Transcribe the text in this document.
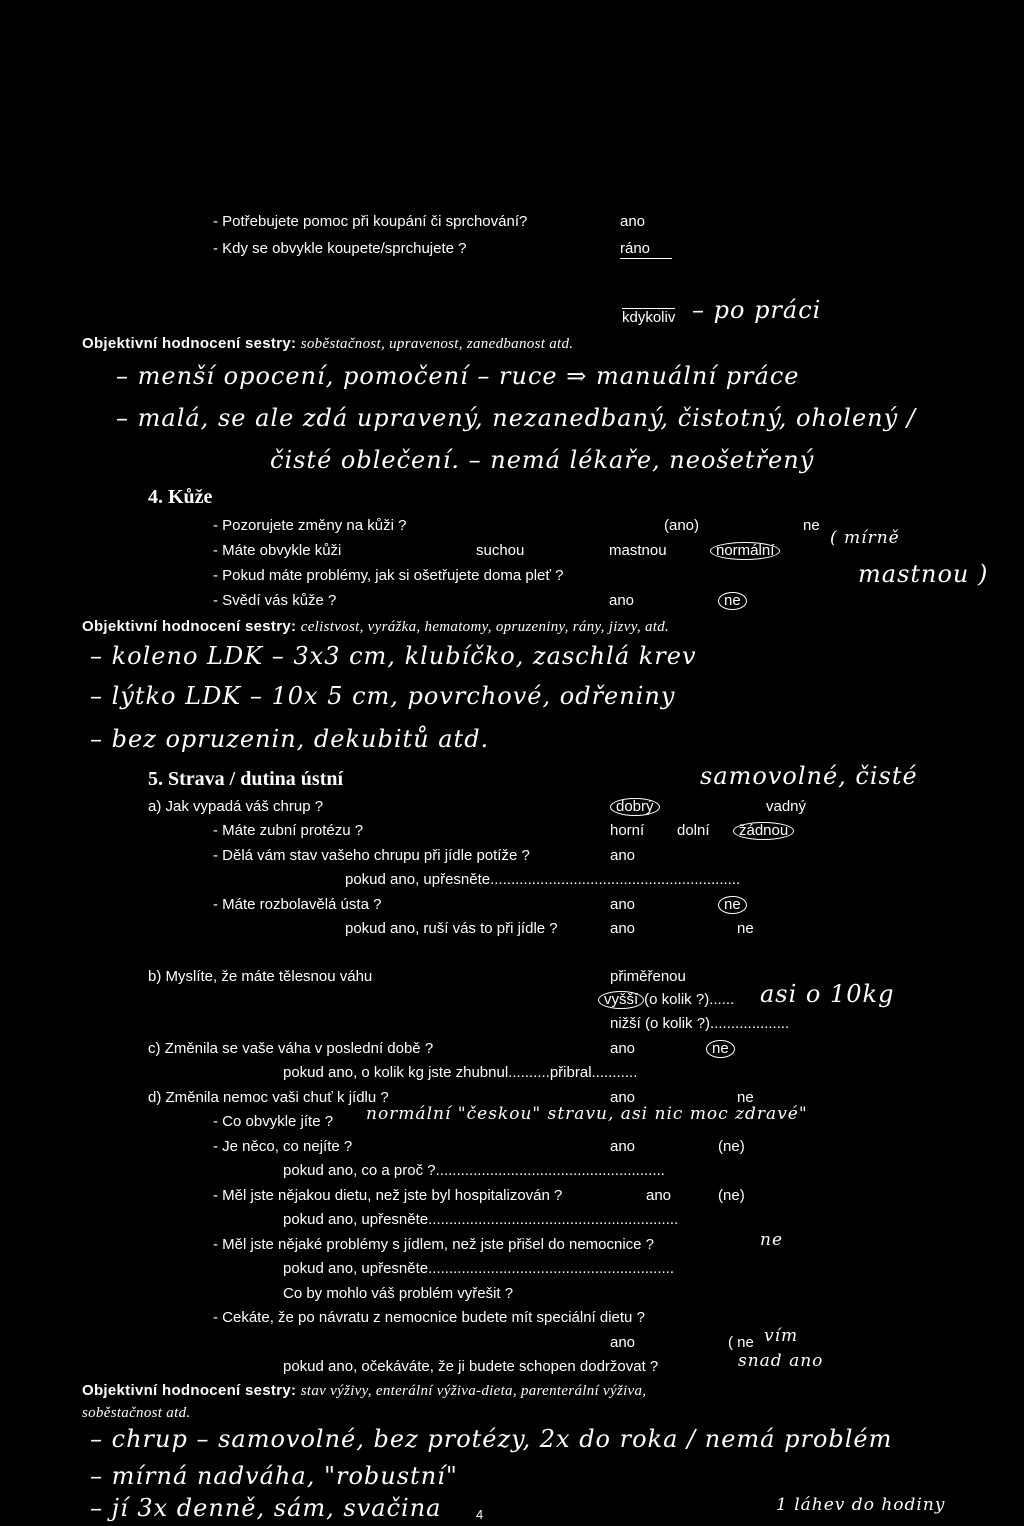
- Potřebujete pomoc při koupání či sprchování?	ano
- Kdy se obvykle koupete/sprchujete ?	ráno
kdykoliv – po práci
Objektivní hodnocení sestry: soběstačnost, upravenost, zanedbanost atd.
– menší opocení, pomočení – ruce ⇒ manuální práce
– malá, se ale zdá upravený, nezanedbaný, čistotný, oholený /
čisté oblečení. – nemá lékaře, neošetřený
4. Kůže
- Pozorujete změny na kůži ?	(ano)	ne
- Máte obvykle kůži	suchou	mastnou	normální
( mírně
- Pokud máte problémy, jak si ošetřujete doma pleť ?	mastnou )
- Svědí vás kůže ?	ano	ne
Objektivní hodnocení sestry: celistvost, vyrážka, hematomy, opruzeniny, rány, jizvy, atd.
– koleno LDK – 3x3 cm, klubíčko, zaschlá krev
– lýtko LDK – 10x 5 cm, povrchové, odřeniny
– bez opruzenin, dekubitů atd.
5. Strava / dutina ústní	samovolné, čisté
a) Jak vypadá váš chrup ?	dobrý	vadný
- Máte zubní protézu ?	horní dolní	žádnou
- Dělá vám stav vašeho chrupu při jídle potíže ?	ano
pokud ano, upřesněte............................................................
- Máte rozbolavělá ústa ?	ano	ne
pokud ano, ruší vás to při jídle ?	ano	ne
b) Myslíte, že máte tělesnou váhu	přiměřenou
vyšší (o kolik ?)...... asi o 10kg
nižší (o kolik ?)...................
c) Změnila se vaše váha v poslední době ?	ano	ne
pokud ano, o kolik kg jste zhubnul..........přibral...........
d) Změnila nemoc vaši chuť k jídlu ?	ano	ne
- Co obvykle jíte ? normální "českou" stravu, asi nic moc zdravé"
- Je něco, co nejíte ?	ano	(ne)
pokud ano, co a proč ?.......................................................
- Měl jste nějakou dietu, než jste byl hospitalizován ?	ano	(ne)
pokud ano, upřesněte............................................................
- Měl jste nějaké problémy s jídlem, než jste přišel do nemocnice ?	ne
pokud ano, upřesněte...........................................................
Co by mohlo váš problém vyřešit ?
- Cekáte, že po návratu z nemocnice budete mít speciální dietu ?
ano	( ne vím
pokud ano, očekáváte, že ji budete schopen dodržovat ?	snad ano
Objektivní hodnocení sestry: stav výživy, enterální výživa-dieta, parenterální výživa,
soběstačnost atd.
– chrup – samovolné, bez protézy, 2x do roka / nemá problém
– mírná nadváha, "robustní"
– jí 3x denně, sám, svačina	1 láhev do hodiny
4
